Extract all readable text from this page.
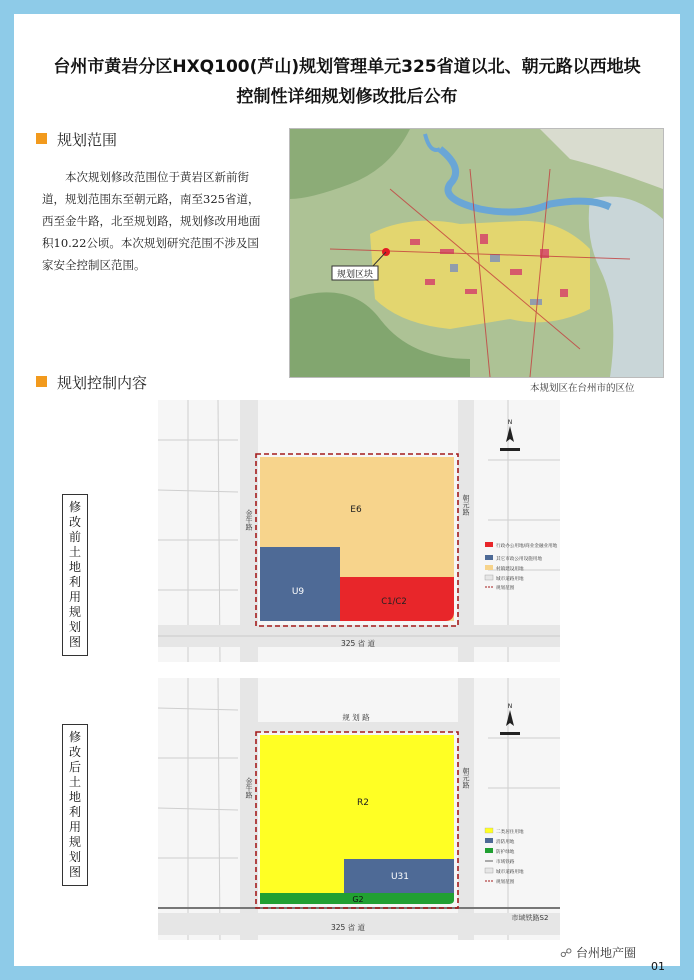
台州市黄岩分区HXQ100(芦山)规划管理单元325省道以北、朝元路以西地块
控制性详细规划修改批后公布
规划范围
本次规划修改范围位于黄岩区新前街道，规划范围东至朝元路，南至325省道，西至金牛路，北至规划路，规划修改用地面积10.22公顷。本次规划研究范围不涉及国家安全控制区范围。
规划区块
本规划区在台州市的区位
规划控制内容
修改前土地利用规划图
修改后土地利用规划图
E6
U9
C1/C2
325 省 道
金牛路
朝元路
N
行政办公用地/商业金融业用地
其它市政公用设施用地
村镇建设用地
城市道路用地
规划范围
规 划 路
R2
U31
G2
市域铁路S2
325 省 道
金牛路	朝元路
N
二类居住用地
消防用地
防护绿地
市域铁路
城市道路用地
规划范围
☍ 台州地产圈
01
